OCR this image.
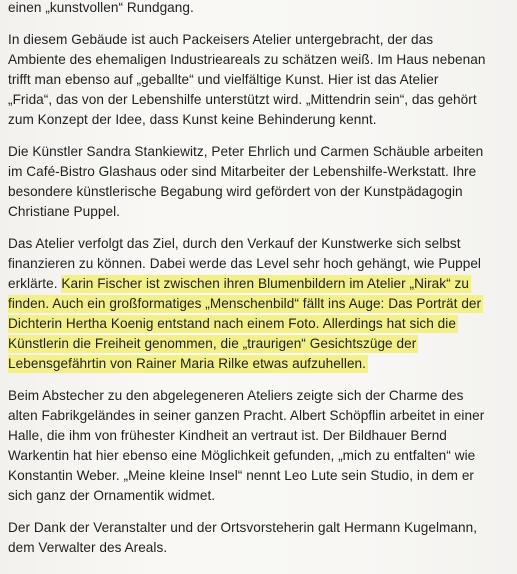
einen „kunstvollen“ Rundgang.
In diesem Gebäude ist auch Packeisers Atelier untergebracht, der das
Ambiente des ehemaligen Industrieareals zu schätzen weiß. Im Haus nebenan
trifft man ebenso auf „geballte“ und vielfältige Kunst. Hier ist das Atelier
„Frida“, das von der Lebenshilfe unterstützt wird. „Mittendrin sein“, das gehört
zum Konzept der Idee, dass Kunst keine Behinderung kennt.
Die Künstler Sandra Stankiewitz, Peter Ehrlich und Carmen Schäuble arbeiten
im Café-Bistro Glashaus oder sind Mitarbeiter der Lebenshilfe-Werkstatt. Ihre
besondere künstlerische Begabung wird gefördert von der Kunstpädagogin
Christiane Puppel.
Das Atelier verfolgt das Ziel, durch den Verkauf der Kunstwerke sich selbst
finanzieren zu können. Dabei werde das Level sehr hoch gehängt, wie Puppel
erklärte. Karin Fischer ist zwischen ihren Blumenbildern im Atelier „Nirak“ zu
finden. Auch ein großformatiges „Menschenbild“ fällt ins Auge: Das Porträt der
Dichterin Hertha Koenig entstand nach einem Foto. Allerdings hat sich die
Künstlerin die Freiheit genommen, die „traurigen“ Gesichtszüge der
Lebensgefährtin von Rainer Maria Rilke etwas aufzuhellen.
Beim Abstecher zu den abgelegeneren Ateliers zeigte sich der Charme des
alten Fabrikgeländes in seiner ganzen Pracht. Albert Schöpflin arbeitet in einer
Halle, die ihm von frühester Kindheit an vertraut ist. Der Bildhauer Bernd
Warkentin hat hier ebenso eine Möglichkeit gefunden, „mich zu entfalten“ wie
Konstantin Weber. „Meine kleine Insel“ nennt Leo Lute sein Studio, in dem er
sich ganz der Ornamentik widmet.
Der Dank der Veranstalter und der Ortsvorsteherin galt Hermann Kugelmann,
dem Verwalter des Areals.
